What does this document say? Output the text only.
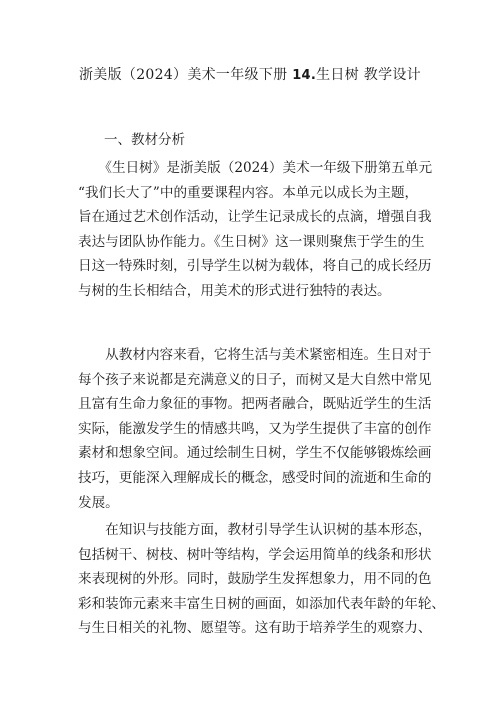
浙美版（2024）美术一年级下册 14.生日树 教学设计
一、教材分析

　　《生日树》是浙美版（2024）美术一年级下册第五单元
“我们长大了”中的重要课程内容。本单元以成长为主题，
旨在通过艺术创作活动，让学生记录成长的点滴，增强自我
表达与团队协作能力。《生日树》这一课则聚焦于学生的生
日这一特殊时刻，引导学生以树为载体，将自己的成长经历
与树的生长相结合，用美术的形式进行独特的表达。

　　从教材内容来看，它将生活与美术紧密相连。生日对于
每个孩子来说都是充满意义的日子，而树又是大自然中常见
且富有生命力象征的事物。把两者融合，既贴近学生的生活
实际，能激发学生的情感共鸣，又为学生提供了丰富的创作
素材和想象空间。通过绘制生日树，学生不仅能够锻炼绘画
技巧，更能深入理解成长的概念，感受时间的流逝和生命的
发展。

　　在知识与技能方面，教材引导学生认识树的基本形态，
包括树干、树枝、树叶等结构，学会运用简单的线条和形状
来表现树的外形。同时，鼓励学生发挥想象力，用不同的色
彩和装饰元素来丰富生日树的画面，如添加代表年龄的年轮、
与生日相关的礼物、愿望等。这有助于培养学生的观察力、
